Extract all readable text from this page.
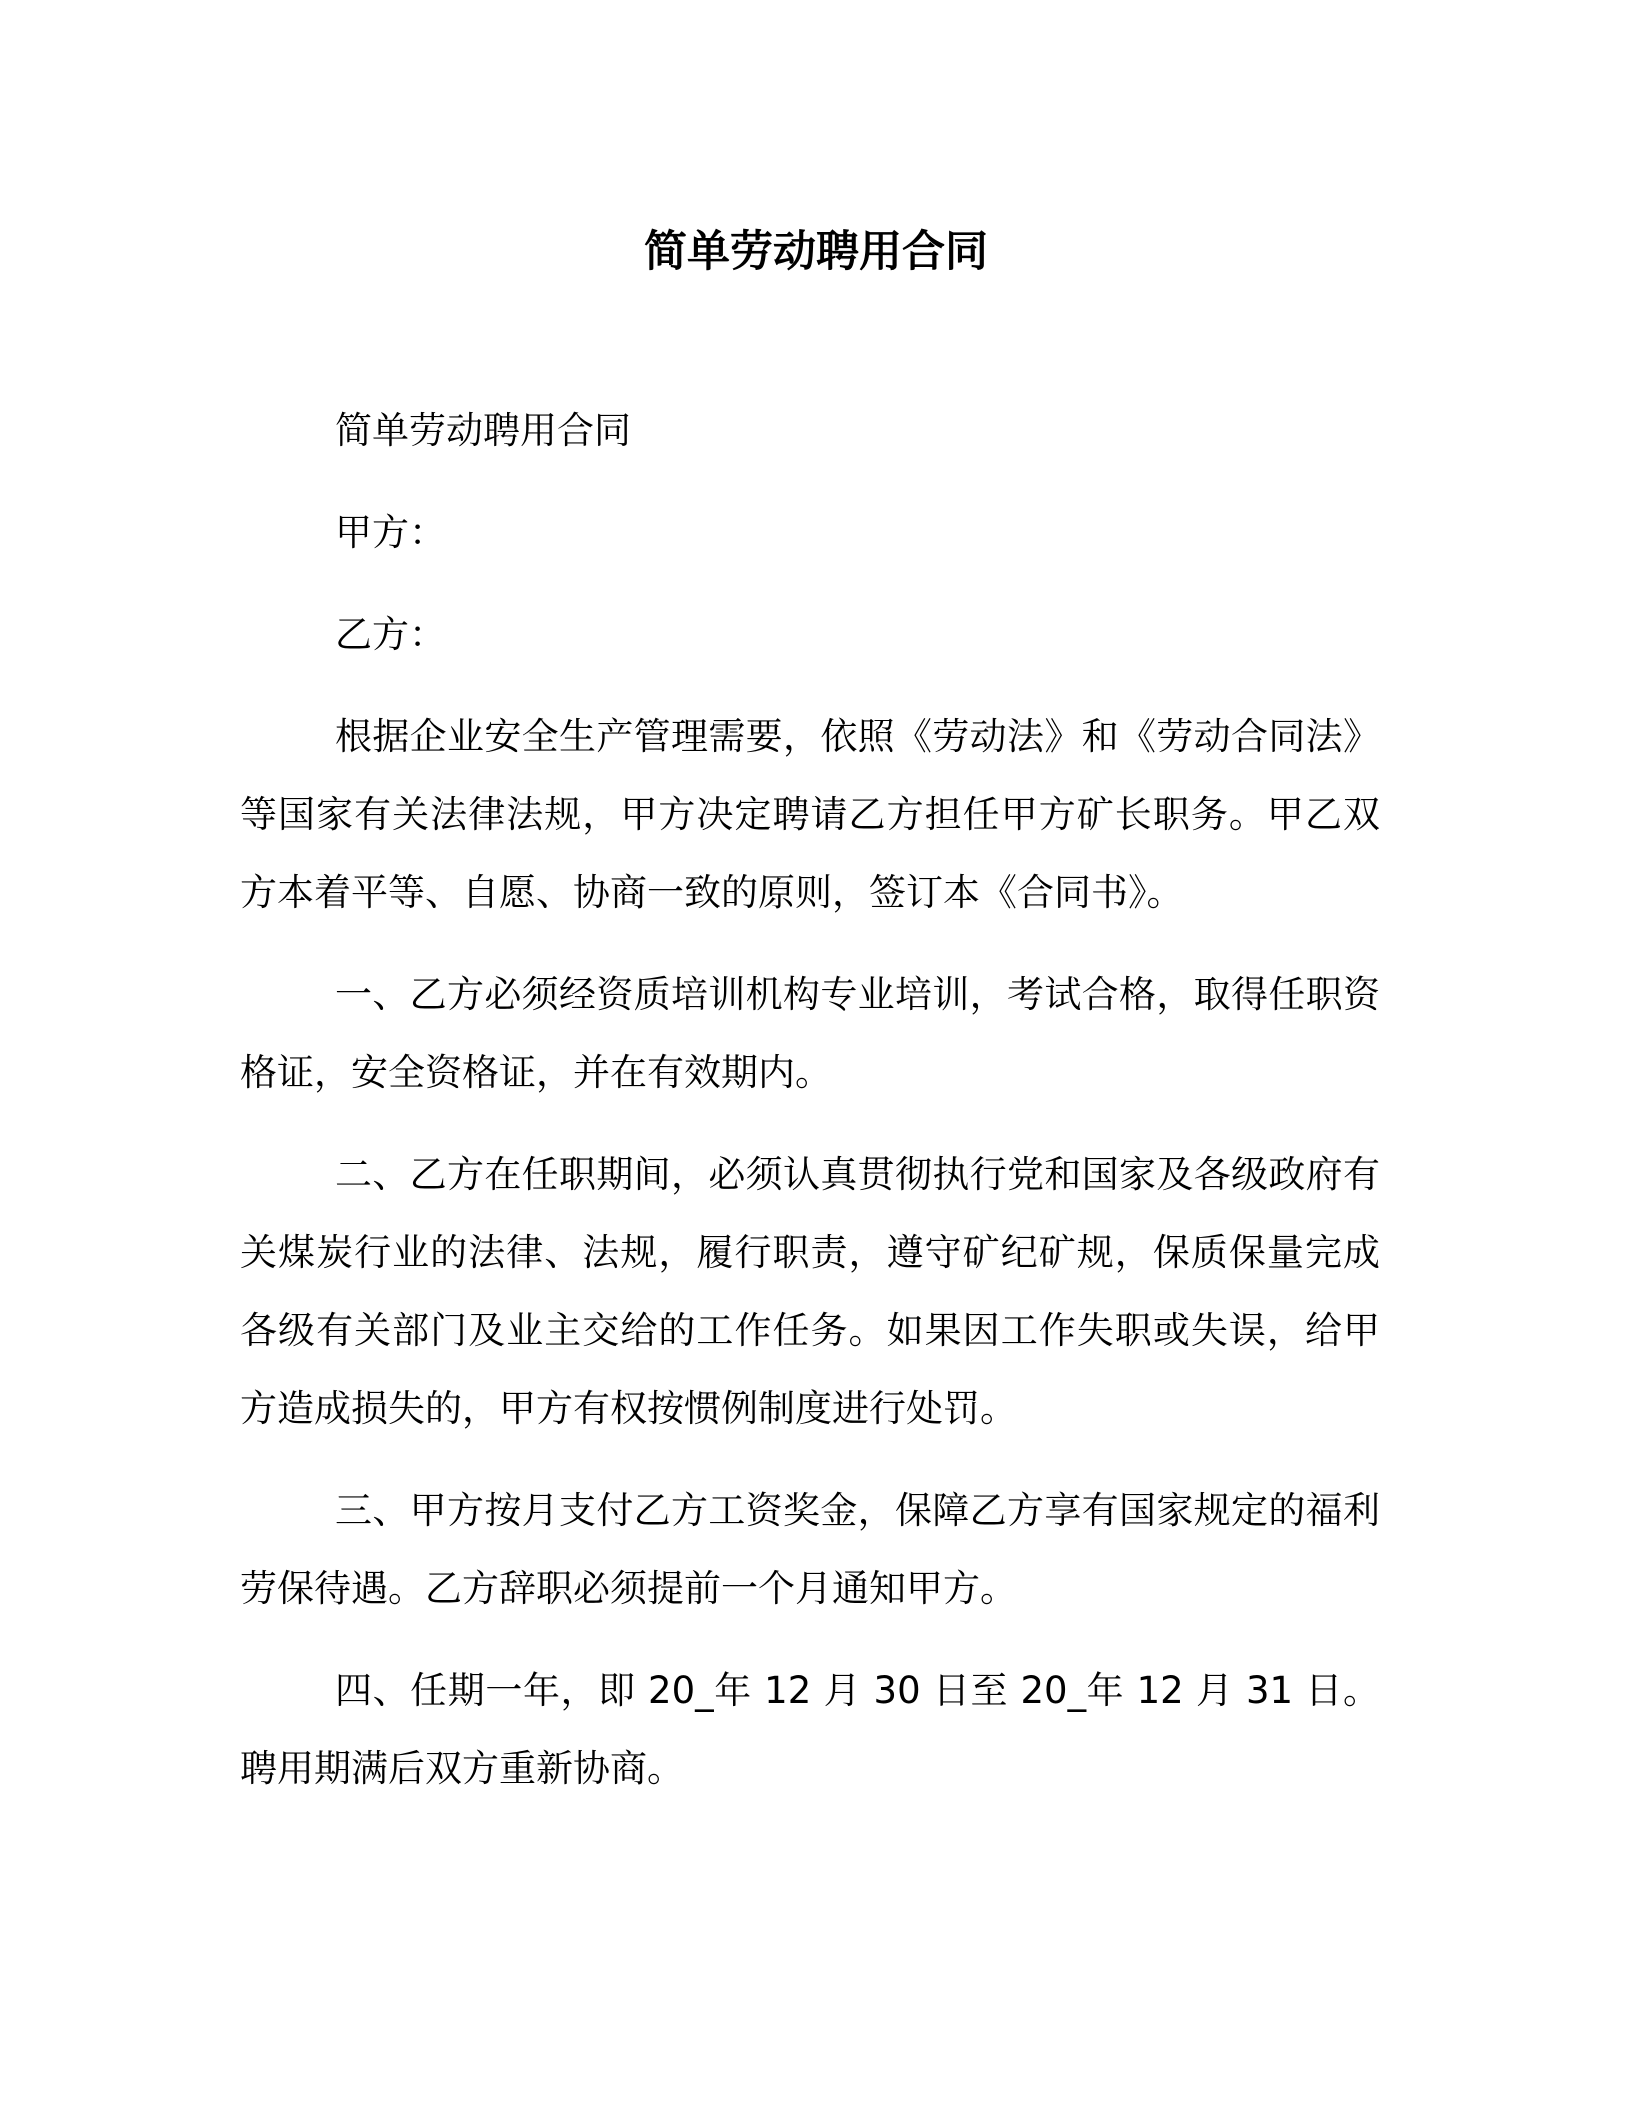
简单劳动聘用合同

简单劳动聘用合同

甲方：

乙方：

根据企业安全生产管理需要，依照《劳动法》和《劳动合同法》等国家有关法律法规，甲方决定聘请乙方担任甲方矿长职务。甲乙双方本着平等、自愿、协商一致的原则，签订本《合同书》。

一、乙方必须经资质培训机构专业培训，考试合格，取得任职资格证，安全资格证，并在有效期内。

二、乙方在任职期间，必须认真贯彻执行党和国家及各级政府有关煤炭行业的法律、法规，履行职责，遵守矿纪矿规，保质保量完成各级有关部门及业主交给的工作任务。如果因工作失职或失误，给甲方造成损失的，甲方有权按惯例制度进行处罚。

三、甲方按月支付乙方工资奖金，保障乙方享有国家规定的福利劳保待遇。乙方辞职必须提前一个月通知甲方。

四、任期一年，即 20_年 12 月 30 日至 20_年 12 月 31 日。聘用期满后双方重新协商。
